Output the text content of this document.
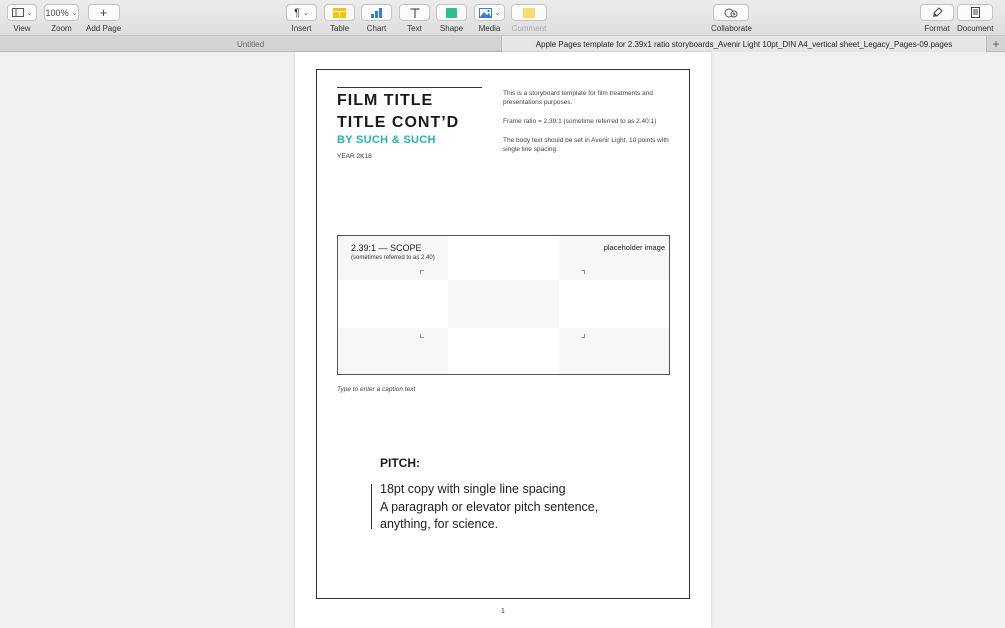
⌄
View
100% ⌄
Zoom
+
Add Page
¶ ⌄
Insert Table Chart	Text Shape
⌄
Media Comment	Collaborate	Format Document
Untitled	Apple Pages template for 2.39x1 ratio storyboards_Avenir Light 10pt_DIN A4_vertical sheet_Legacy_Pages-09.pages	+
FILM TITLE
TITLE CONT’D
BY SUCH & SUCH
YEAR 2K18

This is a storyboard template for film treatments and presentations purposes.

Frame ratio = 2.39:1 (sometime referred to as 2.40:1)

The body text should be set in Avenir Light, 10 points with single line spacing.

2.39:1 — SCOPE
(sometimes referred to as 2.40)
placeholder image
Type to enter a caption text
PITCH:
18pt copy with single line spacing
A paragraph or elevator pitch sentence,
anything, for science.
1
